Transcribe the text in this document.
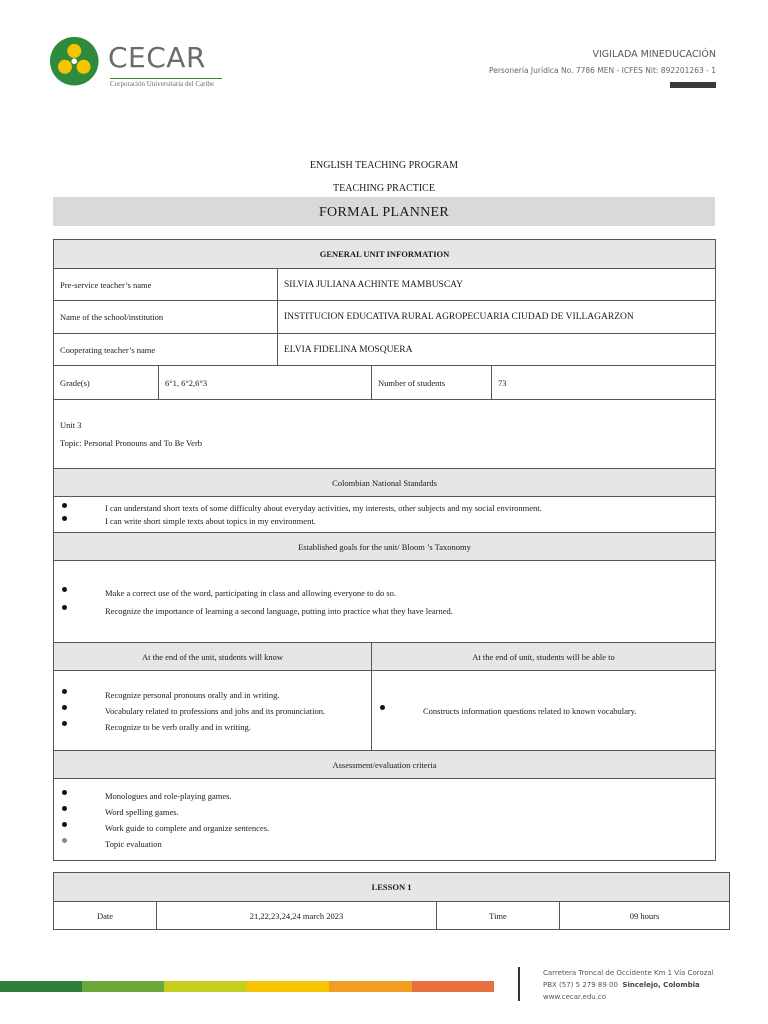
CECAR
Corporación Universitaria del Caribe
VIGILADA MINEDUCACIÓN
Personería Jurídica No. 7786 MEN - ICFES Nit: 892201263 - 1
ENGLISH TEACHING PROGRAM
TEACHING PRACTICE
FORMAL PLANNER
GENERAL UNIT INFORMATION				
Pre-service teacher’s name		SILVIA JULIANA ACHINTE MAMBUSCAY		
Name of the school/institution		INSTITUCION EDUCATIVA RURAL AGROPECUARIA CIUDAD DE VILLAGARZON		
Cooperating teacher’s name		ELVIA FIDELINA MOSQUERA		
Grade(s)	6°1, 6°2,6°3		Number of students	73

Unit 3
Topic: Personal Pronouns and To Be Verb				

Colombian National Standards				

I can understand short texts of some difficulty about everyday activities, my interests, other subjects and my social environment.
I can write short simple texts about topics in my environment.				

Established goals for the unit/ Bloom ’s Taxonomy				

Make a correct use of the word, participating in class and allowing everyone to do so.
Recognize the importance of learning a second language, putting into practice what they have learned.				

At the end of the unit, students will know			At the end of unit, students will be able to	

Recognize personal pronouns orally and in writing.
Vocabulary related to professions and jobs and its pronunciation.
Recognize to be verb orally and in writing.			Constructs information questions related to known vocabulary.	

Assessment/evaluation criteria				

Monologues and role-playing games.
Word spelling games.
Work guide to complete and organize sentences.
Topic evaluation				
LESSON 1
Date	21,22,23,24,24 march 2023	Time	09 hours
Carretera Troncal de Occidente Km 1 Vía Corozal
PBX (57) 5 279 89 00 Sincelejo, Colombia
www.cecar.edu.co
